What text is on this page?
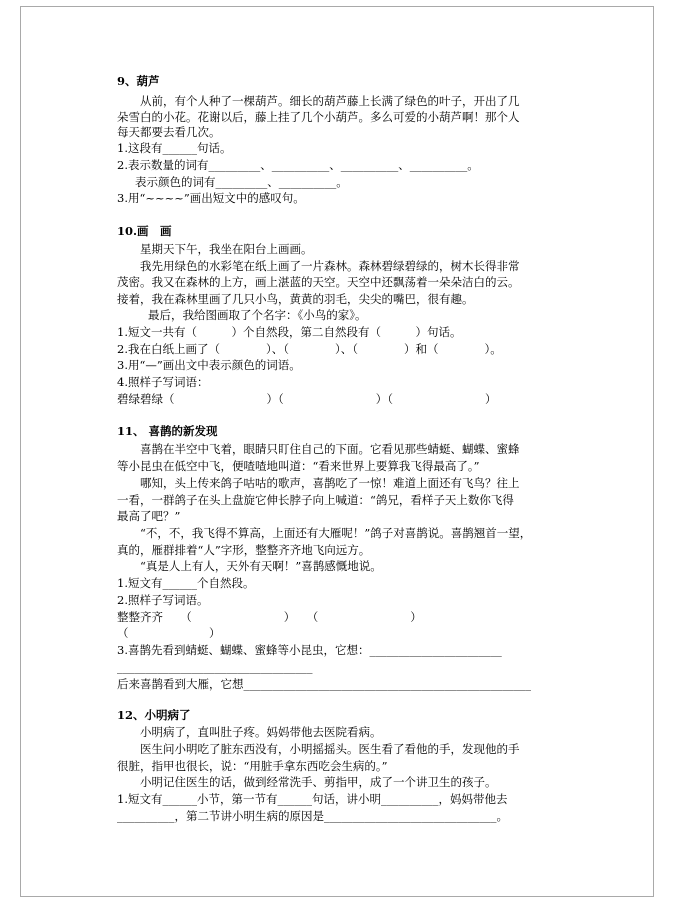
9、葫芦
从前，有个人种了一棵葫芦。细长的葫芦藤上长满了绿色的叶子，开出了几
朵雪白的小花。花谢以后，藤上挂了几个小葫芦。多么可爱的小葫芦啊！那个人
每天都要去看几次。
1.这段有______句话。
2.表示数量的词有_________、__________、__________、__________。
表示颜色的词有_________、__________。
3.用“~~~~”画出短文中的感叹句。
10.画　画
星期天下午，我坐在阳台上画画。
我先用绿色的水彩笔在纸上画了一片森林。森林碧绿碧绿的，树木长得非常
茂密。我又在森林的上方，画上湛蓝的天空。天空中还飘荡着一朵朵洁白的云。
接着，我在森林里画了几只小鸟，黄黄的羽毛，尖尖的嘴巴，很有趣。
最后，我给图画取了个名字：《小鸟的家》。
1.短文一共有（　　　）个自然段，第二自然段有（　　　）句话。
2.我在白纸上画了（　　　　）、（　　　　）、（　　　　）和（　　　　）。
3.用“—”画出文中表示颜色的词语。
4.照样子写词语：
碧绿碧绿（　　　　　　　　）（　　　　　　　　）（　　　　　　　　）
11、 喜鹊的新发现
喜鹊在半空中飞着，眼睛只盯住自己的下面。它看见那些蜻蜓、蝴蝶、蜜蜂
等小昆虫在低空中飞，便喳喳地叫道：“看来世界上要算我飞得最高了。”
哪知，头上传来鸽子咕咕的歌声，喜鹊吃了一惊！难道上面还有飞鸟？往上
一看，一群鸽子在头上盘旋它伸长脖子向上喊道：“鸽兄，看样子天上数你飞得
最高了吧？”
“不，不，我飞得不算高，上面还有大雁呢！”鸽子对喜鹊说。喜鹊翘首一望，
真的，雁群排着“人”字形，整整齐齐地飞向远方。
“真是人上有人，天外有天啊！”喜鹊感慨地说。
1.短文有______个自然段。
2.照样子写词语。
整整齐齐　　（　　　　　　　　）　　（　　　　　　　　）
（　　　　　　　）
3.喜鹊先看到蜻蜓、蝴蝶、蜜蜂等小昆虫，它想：_______________________
__________________________________
后来喜鹊看到大雁，它想__________________________________________________
12、小明病了
小明病了，直叫肚子疼。妈妈带他去医院看病。
医生问小明吃了脏东西没有，小明摇摇头。医生看了看他的手，发现他的手
很脏，指甲也很长，说：“用脏手拿东西吃会生病的。”
小明记住医生的话，做到经常洗手、剪指甲，成了一个讲卫生的孩子。
1.短文有______小节，第一节有______句话，讲小明__________，妈妈带他去
__________，第二节讲小明生病的原因是______________________________。
